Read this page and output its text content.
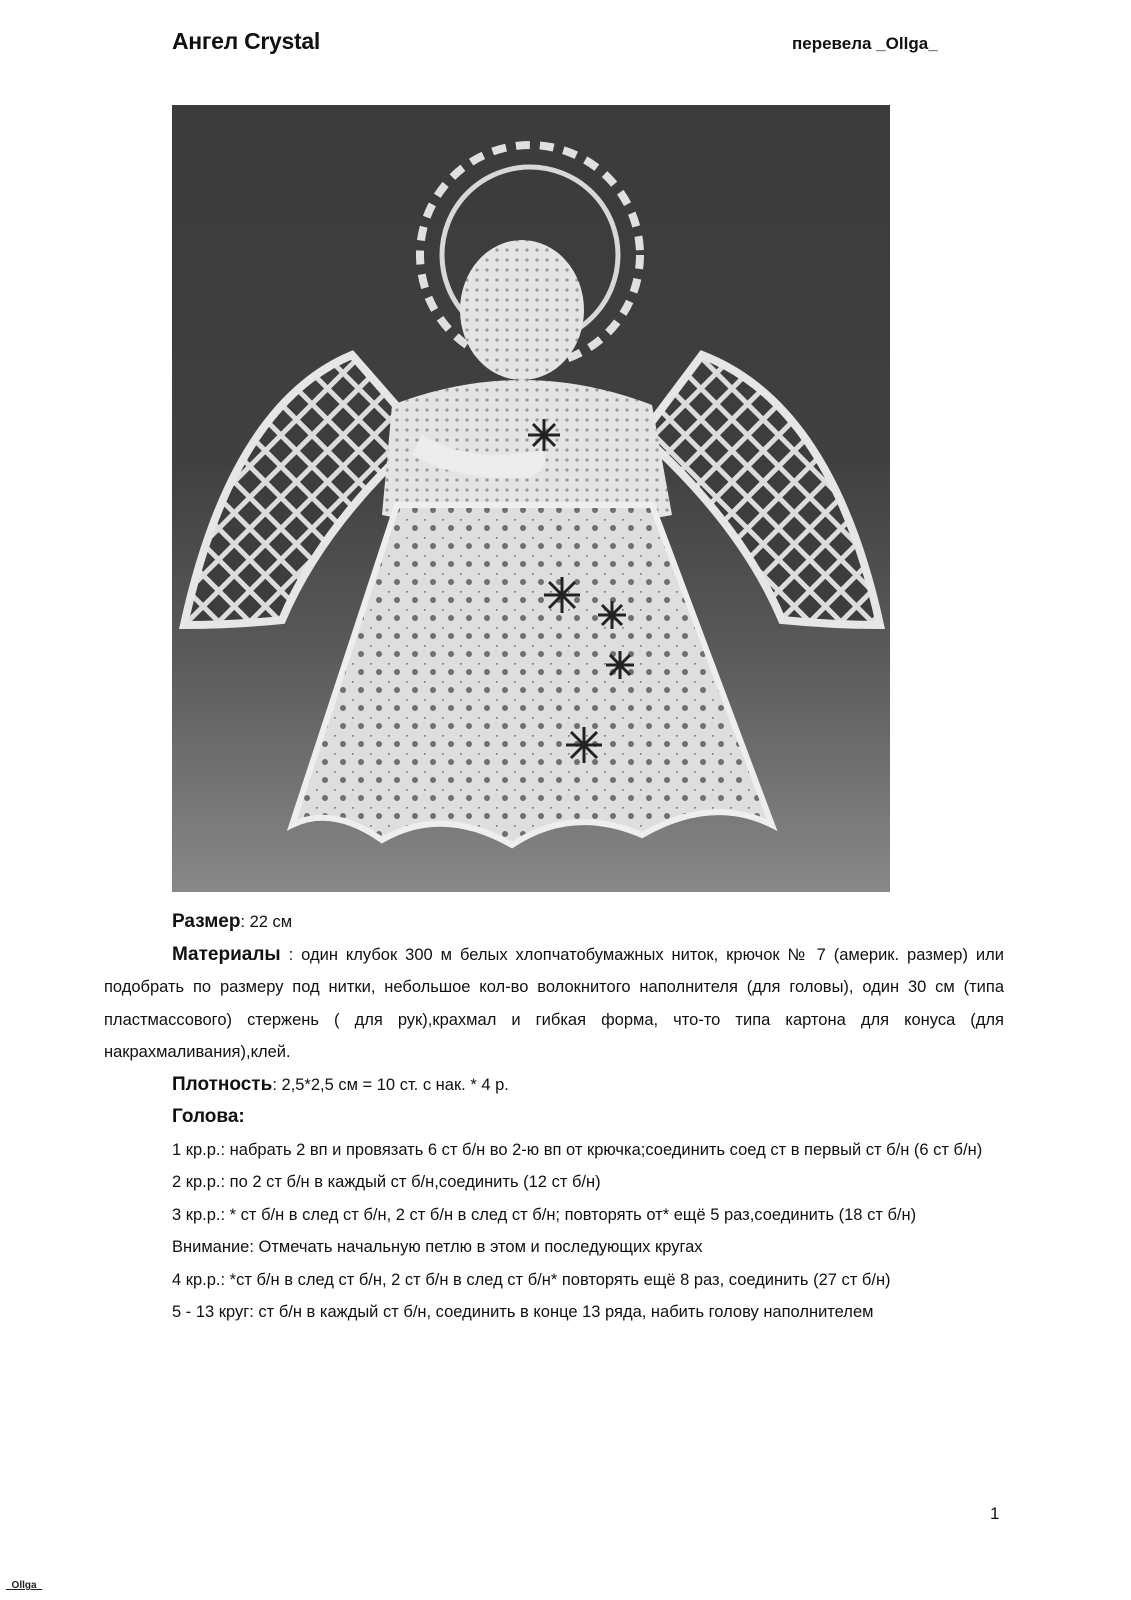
Ангел Crystal	перевела _Ollga_

Размер: 22 см

Материалы : один клубок 300 м белых хлопчатобумажных ниток, крючок № 7 (америк. размер) или подобрать по размеру под нитки, небольшое кол-во волокнитого наполнителя (для головы), один 30 см (типа пластмассового) стержень ( для рук),крахмал и гибкая форма, что-то типа картона для конуса (для накрахмаливания),клей.

Плотность: 2,5*2,5 см = 10 ст. с нак. * 4 р.

Голова:

1 кр.р.: набрать 2 вп и провязать 6 ст б/н во 2-ю вп от крючка;соединить соед ст в первый ст б/н (6 ст б/н)

2 кр.р.: по 2 ст б/н в каждый ст б/н,соединить (12 ст б/н)

3 кр.р.: * ст б/н в след ст б/н, 2 ст б/н в след ст б/н; повторять от* ещё 5 раз,соединить (18 ст б/н)

Внимание: Отмечать начальную петлю в этом и последующих кругах

4 кр.р.: *ст б/н в след ст б/н, 2 ст б/н в след ст б/н* повторять ещё 8 раз, соединить (27 ст б/н)

5 - 13 круг: ст б/н в каждый ст б/н, соединить в конце 13 ряда, набить голову наполнителем

1
_Ollga_
